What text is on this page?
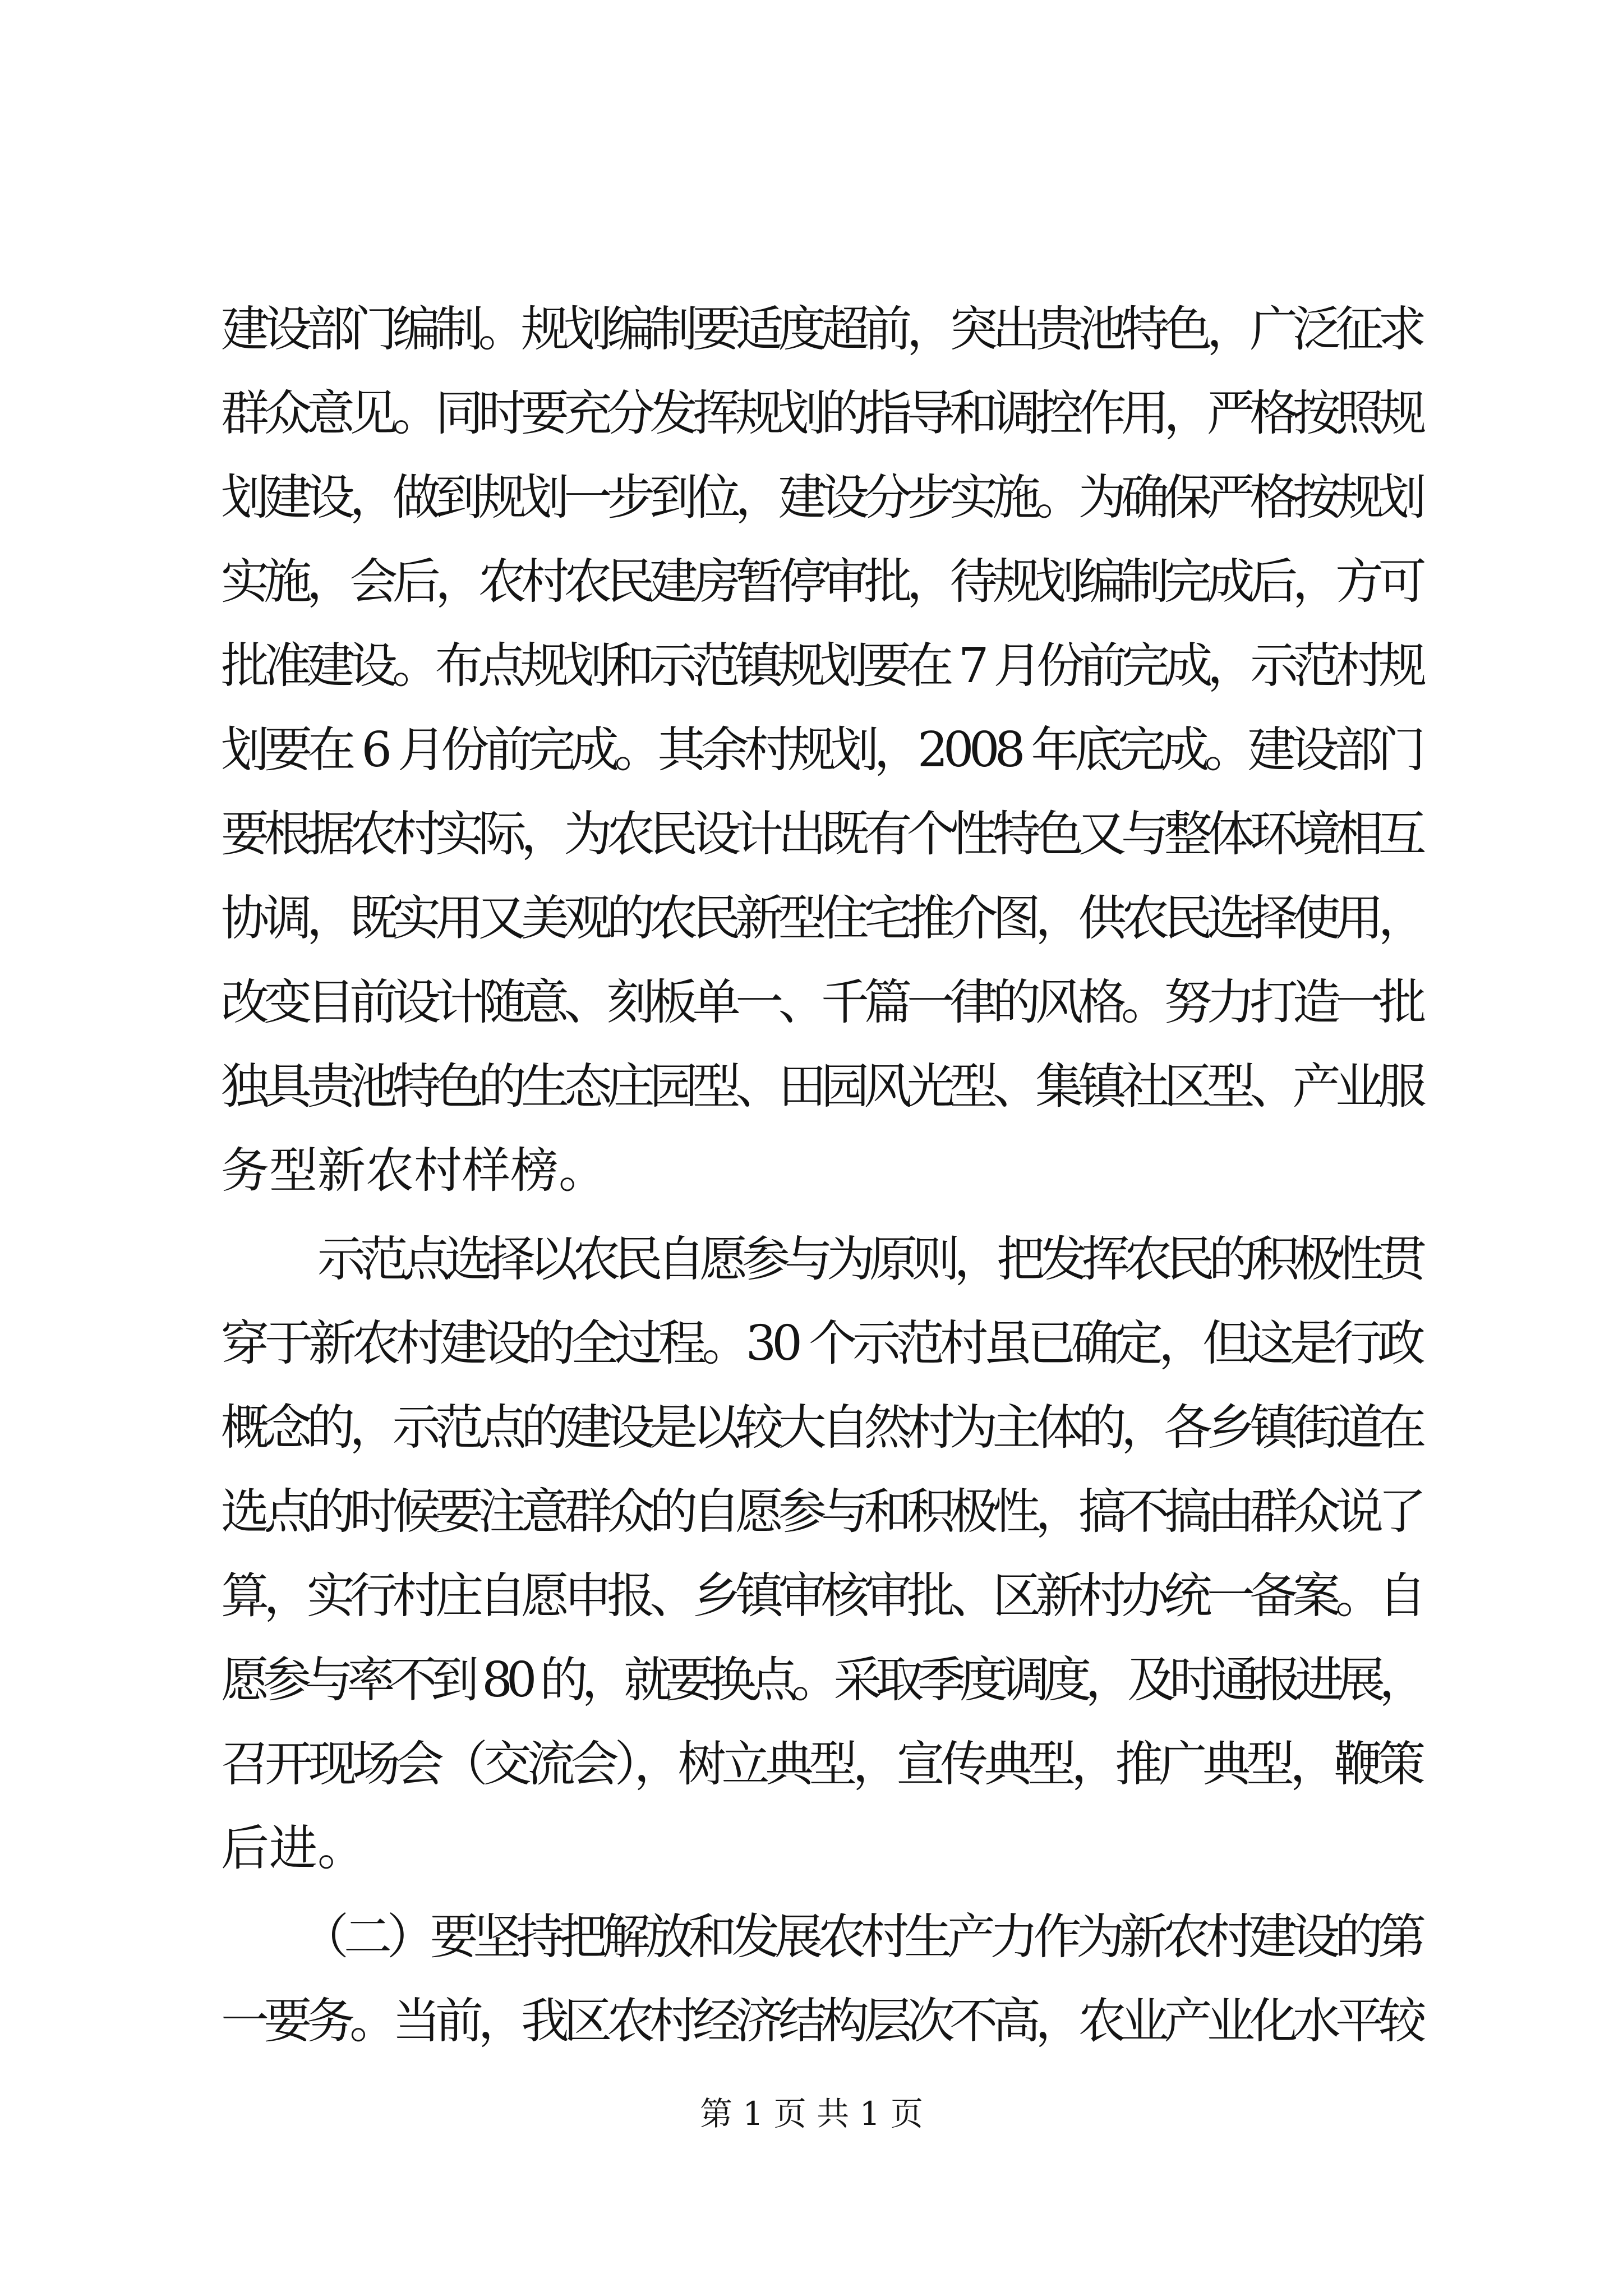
建设部门编制。规划编制要适度超前，突出贵池特色，广泛征求
群众意见。同时要充分发挥规划的指导和调控作用，严格按照规
划建设，做到规划一步到位，建设分步实施。为确保严格按规划
实施，会后，农村农民建房暂停审批，待规划编制完成后，方可
批准建设。布点规划和示范镇规划要在 7 月份前完成，示范村规
划要在 6 月份前完成。其余村规划，2008 年底完成。建设部门
要根据农村实际，为农民设计出既有个性特色又与整体环境相互
协调，既实用又美观的农民新型住宅推介图，供农民选择使用，
改变目前设计随意、刻板单一、千篇一律的风格。努力打造一批
独具贵池特色的生态庄园型、田园风光型、集镇社区型、产业服
务型新农村样榜。
示范点选择以农民自愿参与为原则，把发挥农民的积极性贯
穿于新农村建设的全过程。30 个示范村虽已确定，但这是行政
概念的，示范点的建设是以较大自然村为主体的，各乡镇街道在
选点的时候要注意群众的自愿参与和积极性，搞不搞由群众说了
算，实行村庄自愿申报、乡镇审核审批、区新村办统一备案。自
愿参与率不到 80 的，就要换点。采取季度调度，及时通报进展，
召开现场会（交流会），树立典型，宣传典型，推广典型，鞭策
后进。
（二）要坚持把解放和发展农村生产力作为新农村建设的第
一要务。当前，我区农村经济结构层次不高，农业产业化水平较
第 1 页 共 1 页
